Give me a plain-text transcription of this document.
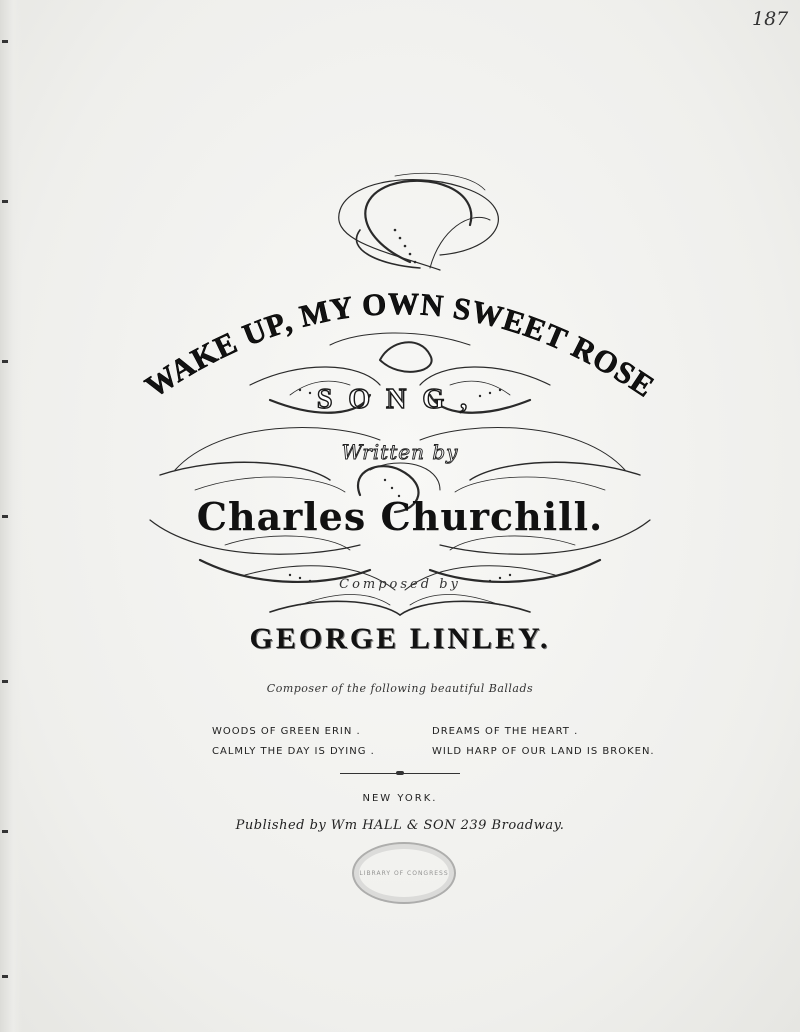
187
WAKE UP, MY OWN SWEET ROSE
SONG,
Written by
Charles Churchill.
Composed by
GEORGE LINLEY.
Composer of the following beautiful Ballads
WOODS OF GREEN ERIN .	DREAMS OF THE HEART .
CALMLY THE DAY IS DYING .	WILD HARP OF OUR LAND IS BROKEN.
NEW YORK.
Published by Wm HALL & SON 239 Broadway.
LIBRARY OF CONGRESS
